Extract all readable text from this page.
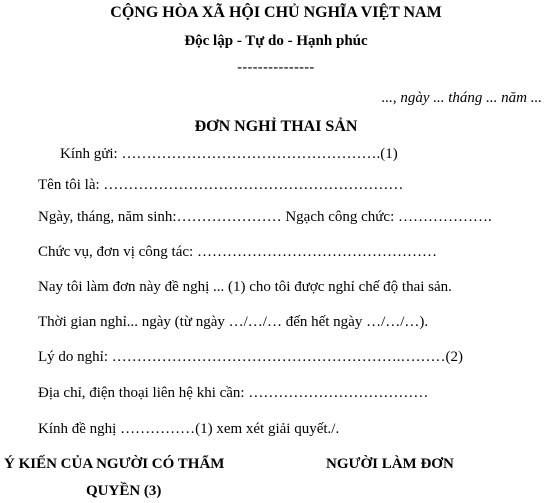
CỘNG HÒA XÃ HỘI CHỦ NGHĨA VIỆT NAM
Độc lập - Tự do - Hạnh phúc
---------------
..., ngày ... tháng ... năm ...
ĐƠN NGHỈ THAI SẢN
Kính gửi: …………………………………………….(1)
Tên tôi là: ……………………………………………………
Ngày, tháng, năm sinh:………………… Ngạch công chức: ……………….
Chức vụ, đơn vị công tác: …………………………………………
Nay tôi làm đơn này đề nghị ... (1) cho tôi được nghỉ chế độ thai sản.
Thời gian nghỉ... ngày (từ ngày …/…/… đến hết ngày …/…/…).
Lý do nghỉ: ………………………………………………….………(2)
Địa chỉ, điện thoại liên hệ khi cần: ………………………………
Kính đề nghị ……………(1) xem xét giải quyết./.
Ý KIẾN CỦA NGƯỜI CÓ THẨM
QUYỀN (3)
NGƯỜI LÀM ĐƠN
